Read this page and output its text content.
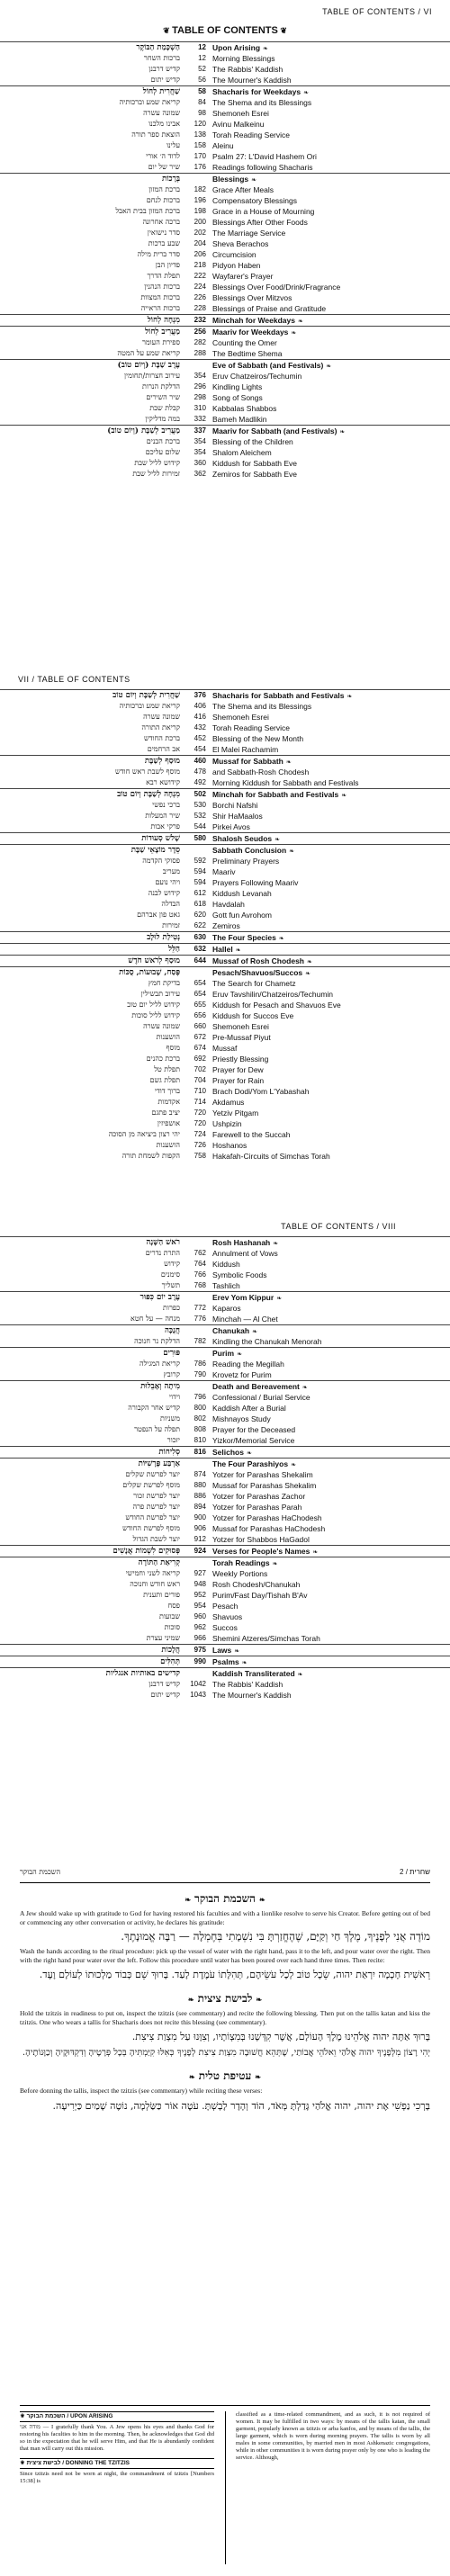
TABLE OF CONTENTS / VI
❦ TABLE OF CONTENTS ❦
הַשְׁכָּמַת הַבּוֹקֶר	12 Upon Arising ❧
ברכות השחר	12 Morning Blessings
קדיש דרבנן	52 The Rabbis' Kaddish
קדיש יתום	56 The Mourner's Kaddish
שַׁחֲרִית לְחוֹל	58 Shacharis for Weekdays ❧
קריאת שמע וברכותיה	84 The Shema and its Blessings
שמונה עשרה	98 Shemoneh Esrei
אבינו מלכנו	120 Avinu Malkeinu
הוצאת ספר תורה	138 Torah Reading Service
עלינו	158 Aleinu
לדוד ה׳ אורי	170 Psalm 27: L'David Hashem Ori
שיר של יום	176 Readings following Shacharis
בְּרָכוֹת	Blessings ❧
ברכת המזון	182 Grace After Meals
ברכות לנחם	196 Compensatory Blessings
ברכת המזון בבית האבל	198 Grace in a House of Mourning
ברכה אחרונה	200 Blessings After Other Foods
סדר נישואין	202 The Marriage Service
שבע ברכות	204 Sheva Berachos
סדר ברית מילה	206 Circumcision
פדיון הבן	218 Pidyon Haben
תפלת הדרך	222 Wayfarer's Prayer
ברכות הנהנין	224 Blessings Over Food/Drink/Fragrance
ברכות המצוות	226 Blessings Over Mitzvos
ברכות הראייה	228 Blessings of Praise and Gratitude
מִנְחָה לְחוֹל	232 Minchah for Weekdays ❧
מַעֲרִיב לְחוֹל	256 Maariv for Weekdays ❧
ספירת העומר	282 Counting the Omer
קריאת שמע על המטה	288 The Bedtime Shema
עֶרֶב שַׁבָּת (וְיוֹם טוֹב)	Eve of Sabbath (and Festivals) ❧
עירוב חצרות/תחומין	354 Eruv Chatzeiros/Techumin
הדלקת הנרות	296 Kindling Lights
שיר השירים	298 Song of Songs
קבלת שבת	310 Kabbalas Shabbos
במה מדליקין	332 Bameh Madlikin
מַעֲרִיב לְשַׁבָּת (וְיוֹם טוֹב)	337 Maariv for Sabbath (and Festivals) ❧
ברכת הבנים	354 Blessing of the Children
שלום עליכם	354 Shalom Aleichem
קידוש לליל שבת	360 Kiddush for Sabbath Eve
זמירות לליל שבת	362 Zemiros for Sabbath Eve
VII / TABLE OF CONTENTS
שַׁחֲרִית לְשַׁבָּת וְיוֹם טוֹב	376 Shacharis for Sabbath and Festivals ❧
קריאת שמע וברכותיה	406 The Shema and its Blessings
שמונה עשרה	416 Shemoneh Esrei
קריאת התורה	432 Torah Reading Service
ברכת החודש	452 Blessing of the New Month
אב הרחמים	454 El Malei Rachamim
מוּסַף לְשַׁבָּת	460 Mussaf for Sabbath ❧
מוסף לשבת ראש חודש	478 and Sabbath-Rosh Chodesh
קידושא רבא	492 Morning Kiddush for Sabbath and Festivals
מִנְחָה לְשַׁבָּת וְיוֹם טוֹב	502 Minchah for Sabbath and Festivals ❧
ברכי נפשי	530 Borchi Nafshi
שיר המעלות	532 Shir HaMaalos
פרקי אבות	544 Pirkei Avos
שָׁלשׁ סְעוּדוֹת	580 Shalosh Seudos ❧
סֵדֶר מוֹצָאֵי שַׁבָּת	Sabbath Conclusion ❧
פסוקי הקדמה	592 Preliminary Prayers
מעריב	594 Maariv
ויהי נועם	594 Prayers Following Maariv
קידוש לבנה	612 Kiddush Levanah
הבדלה	618 Havdalah
גאט פון אברהם	620 Gott fun Avrohom
זמירות	622 Zemiros
נְטִילַת לוּלָב	630 The Four Species ❧
הַלֵּל	632 Hallel ❧
מוּסַף לְרֹאשׁ חֹדֶשׁ	644 Mussaf of Rosh Chodesh ❧
פֶּסַח, שָׁבוּעוֹת, סֻכּוֹת	Pesach/Shavuos/Succos ❧
בדיקת חמץ	654 The Search for Chametz
עירוב תבשילין	654 Eruv Tavshilin/Chatzeiros/Techumin
קידוש לליל יום טוב	655 Kiddush for Pesach and Shavuos Eve
קידוש לליל סוכות	656 Kiddush for Succos Eve
שמונה עשרה	660 Shemoneh Esrei
הושענות	672 Pre-Mussaf Piyut
מוסף	674 Mussaf
ברכת כהנים	692 Priestly Blessing
תפלת טל	702 Prayer for Dew
תפלת גשם	704 Prayer for Rain
ברוך דודי	710 Brach Dodi/Yom L'Yabashah
אקדמות	714 Akdamus
יציב פתגם	720 Yetziv Pitgam
אושפיזין	720 Ushpizin
יהי רצון ביציאה מן הסוכה	724 Farewell to the Succah
הושענות	726 Hoshanos
הקפות לשמחת תורה	758 Hakafah-Circuits of Simchas Torah
TABLE OF CONTENTS / VIII
רֹאשׁ הַשָּׁנָה	Rosh Hashanah ❧
התרת נדרים	762 Annulment of Vows
קידוש	764 Kiddush
סימנים	766 Symbolic Foods
תשליך	768 Tashlich
עֶרֶב יוֹם כִּפּוּר	Erev Yom Kippur ❧
כפרות	772 Kaparos
מנחה — על חטא	776 Minchah — Al Chet
חֲנֻכָּה	Chanukah ❧
הדלקת נר חנוכה	782 Kindling the Chanukah Menorah
פּוּרִים	Purim ❧
קריאת המגילה	786 Reading the Megillah
קרובץ	790 Krovetz for Purim
מִיתָה וְאָבֵלוּת	Death and Bereavement ❧
וידוי	796 Confessional / Burial Service
קדיש אחר הקבורה	800 Kaddish After a Burial
משניות	802 Mishnayos Study
תפלה על הנפטר	808 Prayer for the Deceased
יזכור	810 Yizkor/Memorial Service
סְלִיחוֹת	816 Selichos ❧
אַרְבַּע פָּרָשִׁיּוֹת	The Four Parashiyos ❧
יוצר לפרשת שקלים	874 Yotzer for Parashas Shekalim
מוסף לפרשת שקלים	880 Mussaf for Parashas Shekalim
יוצר לפרשת זכור	886 Yotzer for Parashas Zachor
יוצר לפרשת פרה	894 Yotzer for Parashas Parah
יוצר לפרשת החודש	900 Yotzer for Parashas HaChodesh
מוסף לפרשת החודש	906 Mussaf for Parashas HaChodesh
יוצר לשבת הגדול	912 Yotzer for Shabbos HaGadol
פְּסוּקִים לִשְׁמוֹת אֲנָשִׁים	924 Verses for People's Names ❧
קְרִיאַת הַתּוֹרָה	Torah Readings ❧
קריאה לשני וחמישי	927 Weekly Portions
ראש חודש וחנוכה	948 Rosh Chodesh/Chanukah
פורים ותענית	952 Purim/Fast Day/Tishah B'Av
פסח	954 Pesach
שבועות	960 Shavuos
סוכות	962 Succos
שמיני עצרת	966 Shemini Atzeres/Simchas Torah
הֲלָכוֹת	975 Laws ❧
תְּהִלִּים	990 Psalms ❧
קדישים באותיות אנגליות	Kaddish Transliterated ❧
קדיש דרבנן	1042 The Rabbis' Kaddish
קדיש יתום	1043 The Mourner's Kaddish
השכמת הבוקר	2 / שחרית
❧ השכמת הבוקר ❧
A Jew should wake up with gratitude to God for having restored his faculties and with a lionlike resolve to serve his Creator. Before getting out of bed or commencing any other conversation or activity, he declares his gratitude:
מוֹדֶה אֲנִי לְפָנֶיךָ, מֶלֶךְ חַי וְקַיָּם, שֶׁהֶחֱזַרְתָּ בִּי נִשְׁמָתִי בְּחֶמְלָה — רַבָּה אֱמוּנָתֶךָ.
Wash the hands according to the ritual procedure: pick up the vessel of water with the right hand, pass it to the left, and pour water over the right. Then with the right hand pour water over the left. Follow this procedure until water has been poured over each hand three times. Then recite:
רֵאשִׁית חָכְמָה יִרְאַת יהוה, שֵׂכֶל טוֹב לְכָל עֹשֵׂיהֶם, תְּהִלָּתוֹ עֹמֶדֶת לָעַד. בָּרוּךְ שֵׁם כְּבוֹד מַלְכוּתוֹ לְעוֹלָם וָעֶד.
❧ לבישת ציצית ❧
Hold the tzitzis in readiness to put on, inspect the tzitzis (see commentary) and recite the following blessing. Then put on the tallis katan and kiss the tzitzis. One who wears a tallis for Shacharis does not recite this blessing (see commentary).
בָּרוּךְ אַתָּה יהוה אֱלֹהֵינוּ מֶלֶךְ הָעוֹלָם, אֲשֶׁר קִדְּשָׁנוּ בְּמִצְוֹתָיו, וְצִוָּנוּ עַל מִצְוַת צִיצִת.
יְהִי רָצוֹן מִלְּפָנֶיךָ יהוה אֱלֹהַי וֵאלֹהֵי אֲבוֹתַי, שֶׁתְּהֵא חֲשׁוּבָה מִצְוַת צִיצִת לְפָנֶיךָ כְּאִלּוּ קִיַּמְתִּיהָ בְּכָל פְּרָטֶיהָ וְדִקְדּוּקֶיהָ וְכַוָּנוֹתֶיהָ.
❧ עטיפת טלית ❧
Before donning the tallis, inspect the tzitzis (see commentary) while reciting these verses:
בָּרְכִי נַפְשִׁי אֶת יהוה, יהוה אֱלֹהַי גָּדַלְתָּ מְּאֹד, הוֹד וְהָדָר לָבָשְׁתָּ. עֹטֶה אוֹר כַּשַּׂלְמָה, נוֹטֶה שָׁמַיִם כַּיְרִיעָה.
⚜ השכמת הבוקר / UPON ARISING
מודה אני — I gratefully thank You. A Jew opens his eyes and thanks God for restoring his faculties to him in the morning. Then, he acknowledges that God did so in the expectation that he will serve Him, and that He is abundantly confident that man will carry out this mission.
⚜ לבישת ציצית / DONNING THE TZITZIS
Since tzitzis need not be worn at night, the commandment of tzitzis [Numbers 15:38] is
classified as a time-related commandment, and as such, it is not required of women. It may be fulfilled in two ways: by means of the tallis katan, the small garment, popularly known as tzitzis or arba kanfos, and by means of the tallis, the large garment, which is worn during morning prayers. The tallis is worn by all males in some communities, by married men in most Ashkenazic congregations, while in other communities it is worn during prayer only by one who is leading the service. Although,
